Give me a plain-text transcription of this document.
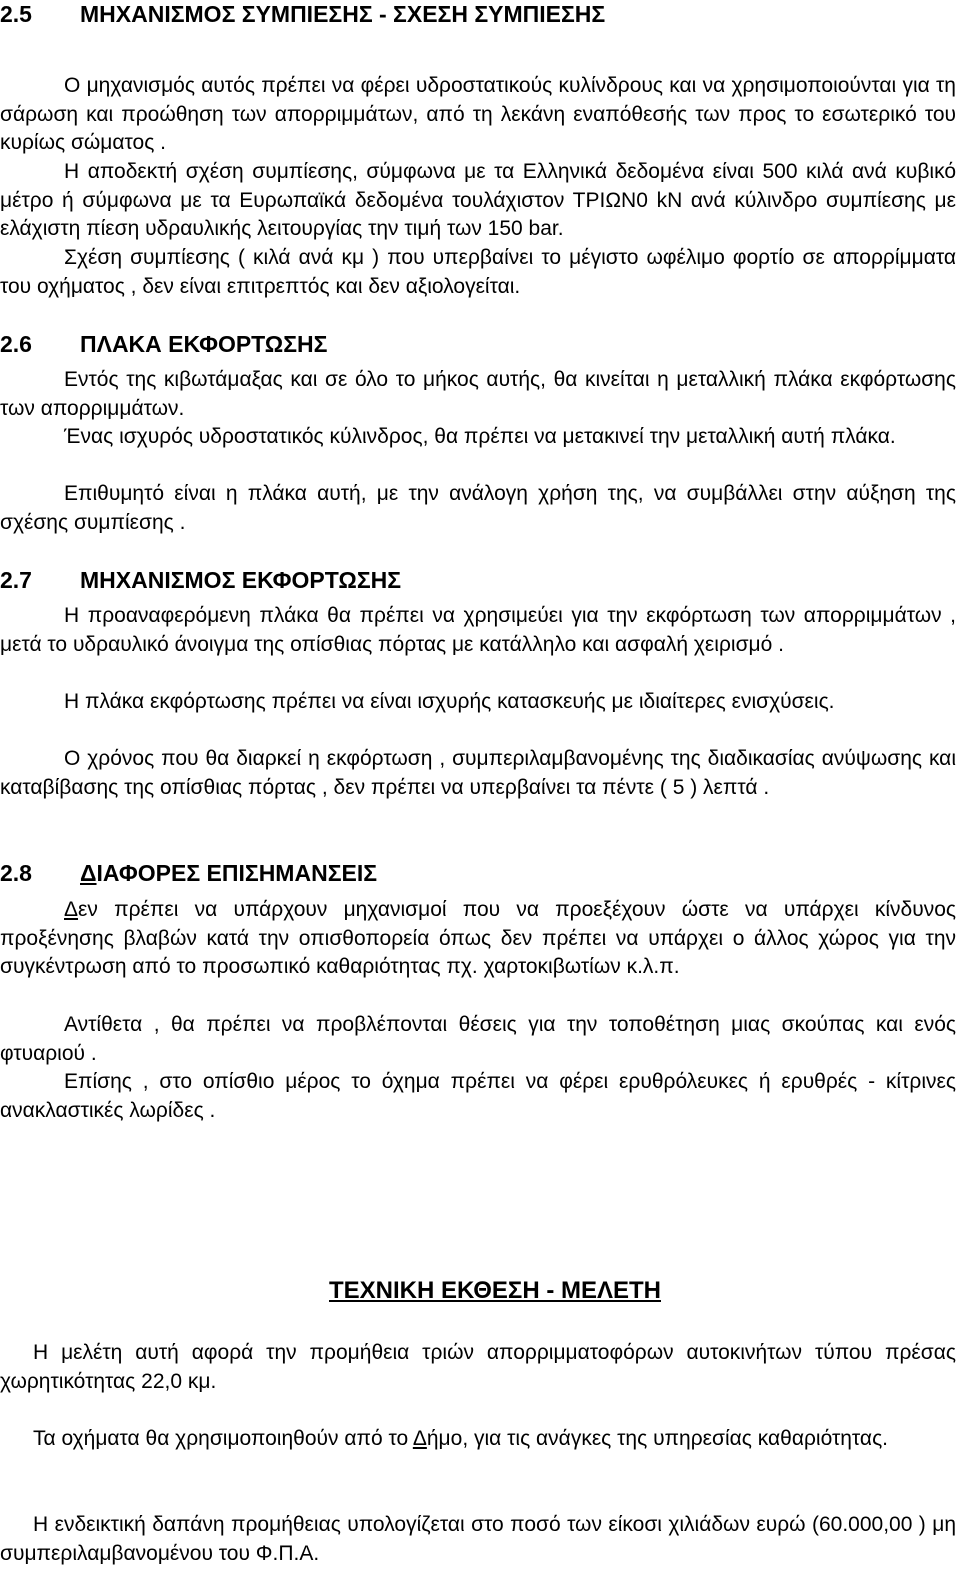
2.5 ΜΗΧΑΝΙΣΜΟΣ ΣΥΜΠΙΕΣΗΣ - ΣΧΕΣΗ ΣΥΜΠΙΕΣΗΣ

Ο μηχανισμός αυτός πρέπει να φέρει υδροστατικούς κυλίνδρους και να χρησιμοποιούνται για τη σάρωση και προώθηση των απορριμμάτων, από τη λεκάνη εναπόθεσής των προς το εσωτερικό του κυρίως σώματος .

Η αποδεκτή σχέση συμπίεσης, σύμφωνα με τα Ελληνικά δεδομένα είναι 500 κιλά ανά κυβικό μέτρο ή σύμφωνα με τα Ευρωπαϊκά δεδομένα τουλάχιστον ΤΡΙΩΝ0 kN ανά κύλινδρο συμπίεσης με ελάχιστη πίεση υδραυλικής λειτουργίας την τιμή των 150 bar.

Σχέση συμπίεσης ( κιλά ανά κμ ) που υπερβαίνει το μέγιστο ωφέλιμο φορτίο σε απορρίμματα του οχήματος , δεν είναι επιτρεπτός και δεν αξιολογείται.

2.6 ΠΛΑΚΑ ΕΚΦΟΡΤΩΣΗΣ

Εντός της κιβωτάμαξας και σε όλο το μήκος αυτής, θα κινείται η μεταλλική πλάκα εκφόρτωσης των απορριμμάτων.

Ένας ισχυρός υδροστατικός κύλινδρος, θα πρέπει να μετακινεί την μεταλλική αυτή πλάκα.

Επιθυμητό είναι η πλάκα αυτή, με την ανάλογη χρήση της, να συμβάλλει στην αύξηση της σχέσης συμπίεσης .

2.7 ΜΗΧΑΝΙΣΜΟΣ ΕΚΦΟΡΤΩΣΗΣ

Η προαναφερόμενη πλάκα θα πρέπει να χρησιμεύει για την εκφόρτωση των απορριμμάτων , μετά το υδραυλικό άνοιγμα της οπίσθιας πόρτας με κατάλληλο και ασφαλή χειρισμό .

Η πλάκα εκφόρτωσης πρέπει να είναι ισχυρής κατασκευής με ιδιαίτερες ενισχύσεις.

Ο χρόνος που θα διαρκεί η εκφόρτωση , συμπεριλαμβανομένης της διαδικασίας ανύψωσης και καταβίβασης της οπίσθιας πόρτας , δεν πρέπει να υπερβαίνει τα πέντε ( 5 ) λεπτά .

2.8 ΔΙΑΦΟΡΕΣ ΕΠΙΣΗΜΑΝΣΕΙΣ

Δεν πρέπει να υπάρχουν μηχανισμοί που να προεξέχουν ώστε να υπάρχει κίνδυνος προξένησης βλαβών κατά την οπισθοπορεία όπως δεν πρέπει να υπάρχει ο άλλος χώρος για την συγκέντρωση από το προσωπικό καθαριότητας πχ. χαρτοκιβωτίων κ.λ.π.

Αντίθετα , θα πρέπει να προβλέπονται θέσεις για την τοποθέτηση μιας σκούπας και ενός φτυαριού .

Επίσης , στο οπίσθιο μέρος το όχημα πρέπει να φέρει ερυθρόλευκες ή ερυθρές - κίτρινες ανακλαστικές λωρίδες .

ΤΕΧΝΙΚΗ ΕΚΘΕΣΗ - ΜΕΛΕΤΗ

Η μελέτη αυτή αφορά την προμήθεια τριών απορριμματοφόρων αυτοκινήτων τύπου πρέσας χωρητικότητας 22,0 κμ.

Τα οχήματα θα χρησιμοποιηθούν από το Δήμο, για τις ανάγκες της υπηρεσίας καθαριότητας.

Η ενδεικτική δαπάνη προμήθειας υπολογίζεται στο ποσό των είκοσι χιλιάδων ευρώ (60.000,00 ) μη συμπεριλαμβανομένου του Φ.Π.Α.
